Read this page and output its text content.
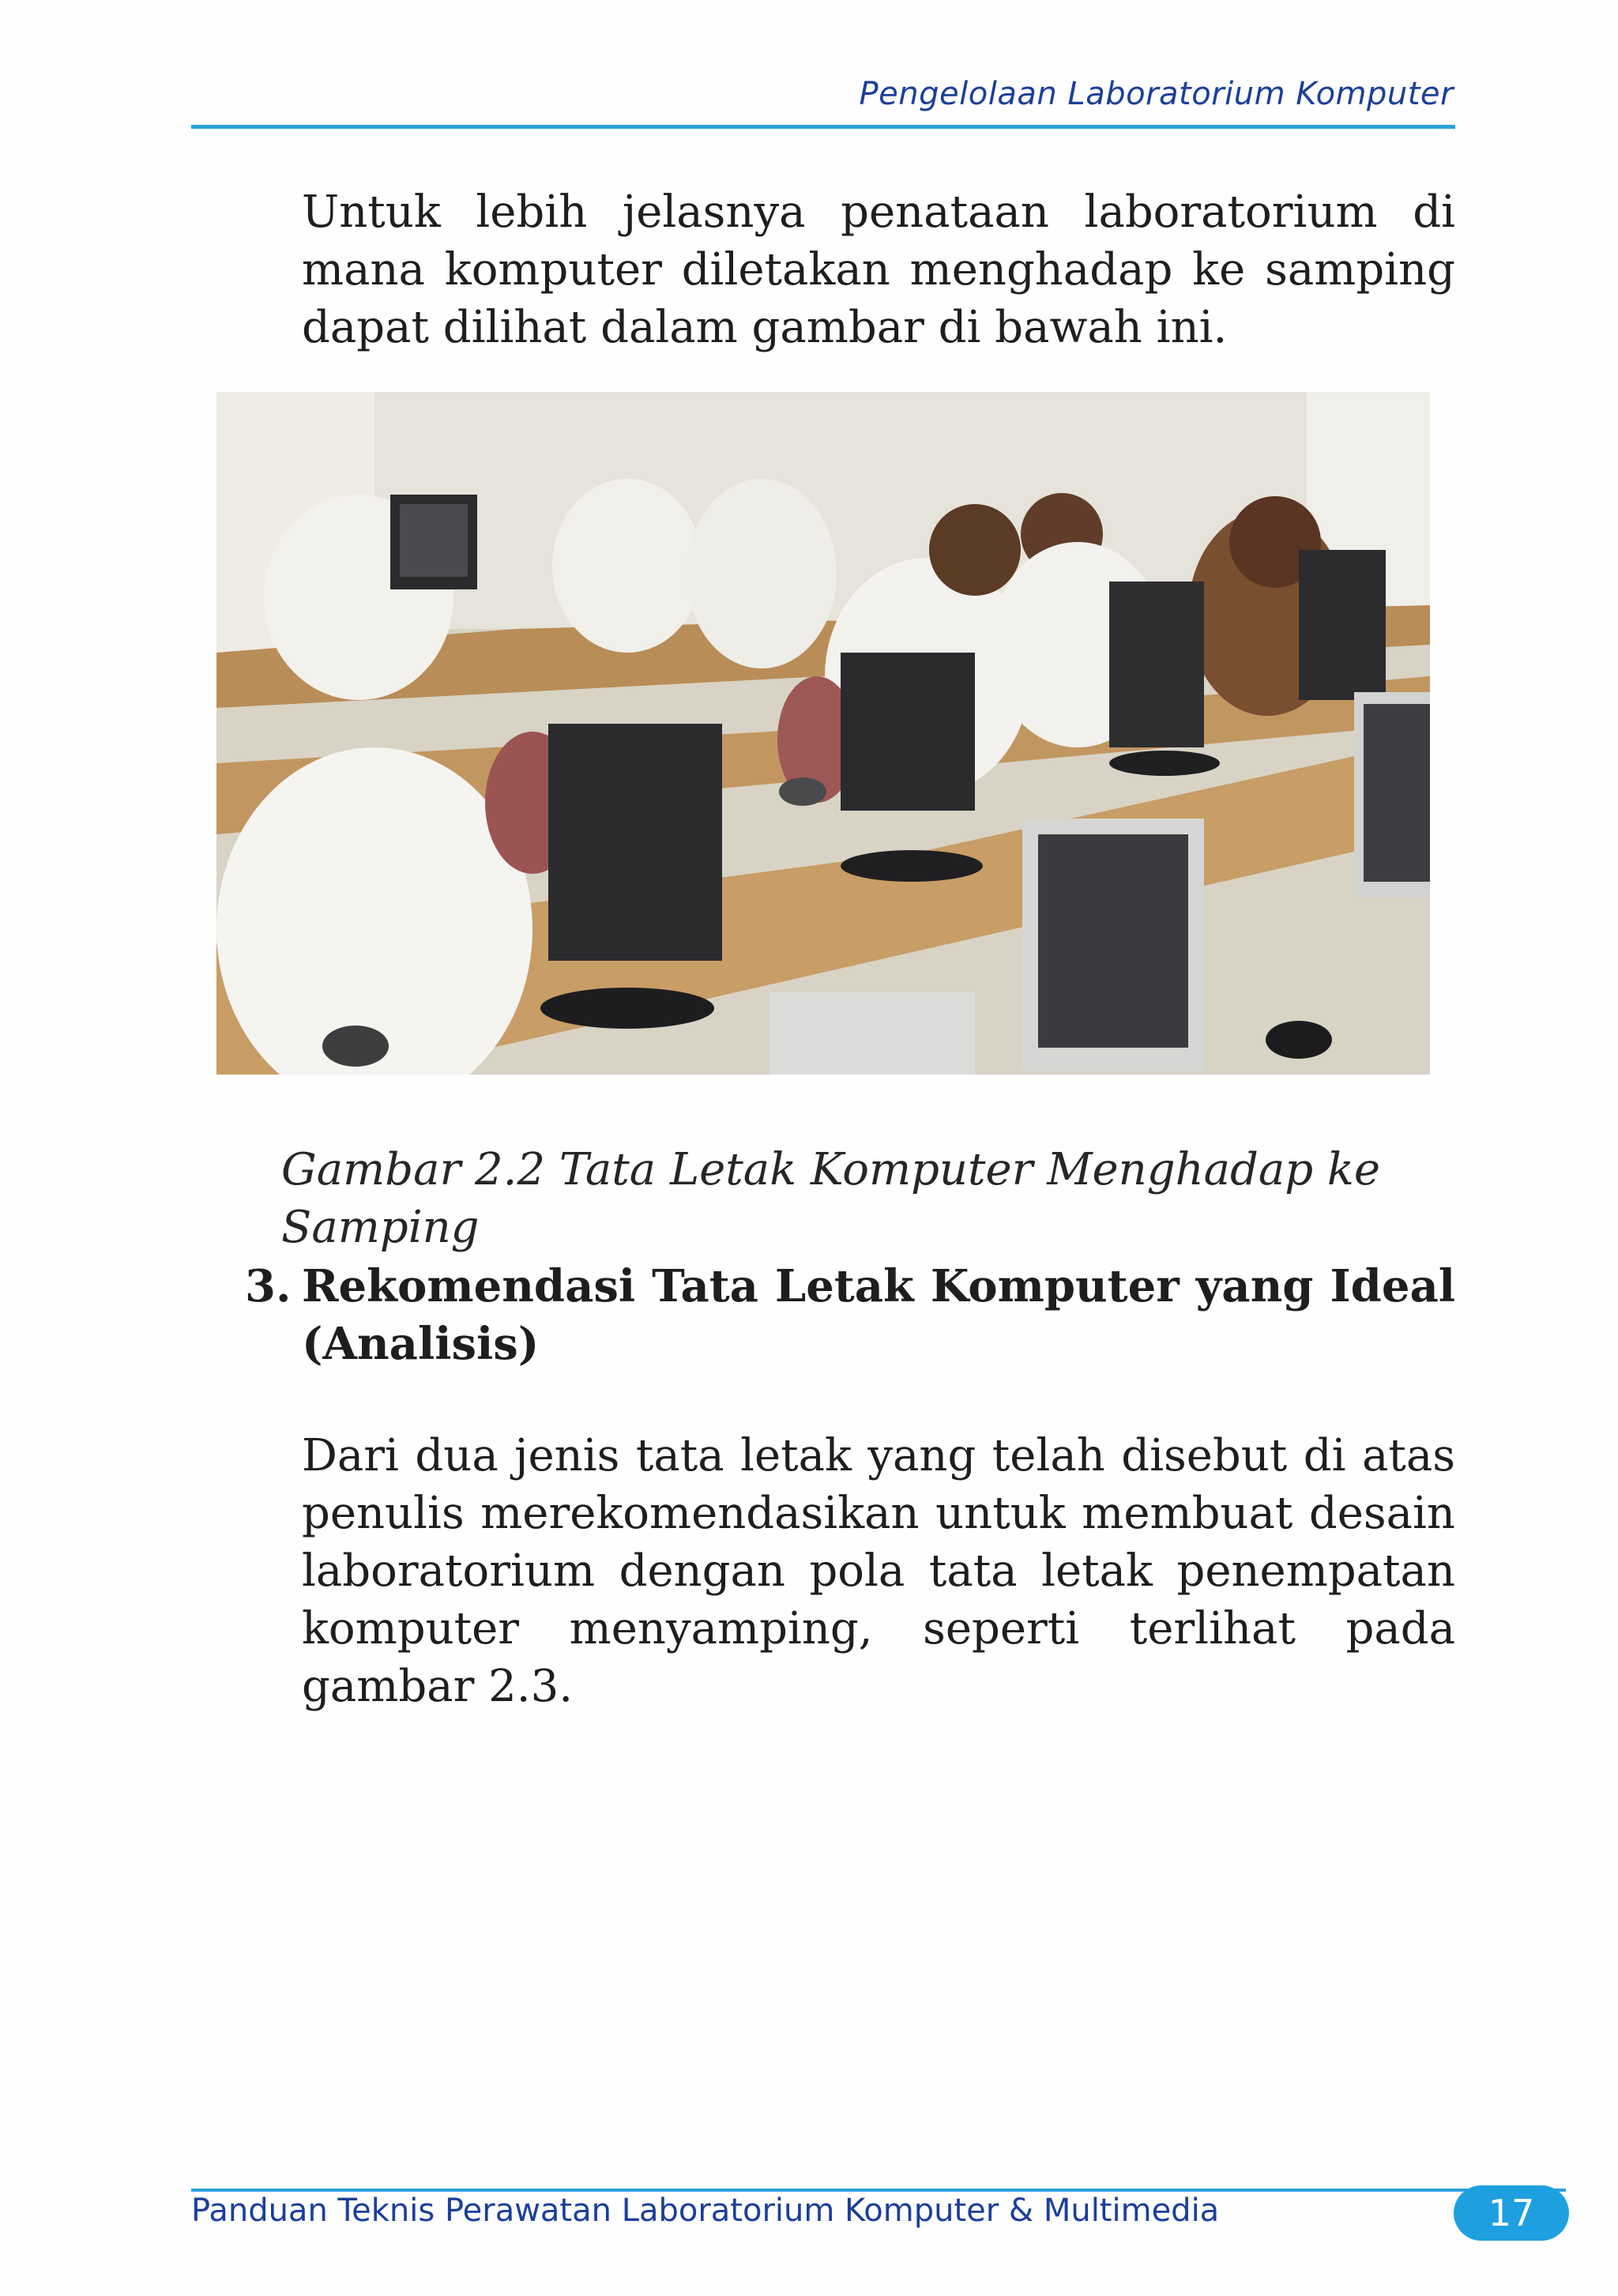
Pengelolaan Laboratorium Komputer

Untuk lebih jelasnya penataan laboratorium di mana komputer diletakan menghadap ke samping dapat dilihat dalam gambar di bawah ini.

Gambar 2.2 Tata Letak Komputer Menghadap ke Samping

3. Rekomendasi Tata Letak Komputer yang Ideal (Analisis)

Dari dua jenis tata letak yang telah disebut di atas penulis merekomendasikan untuk membuat desain laboratorium dengan pola tata letak penempatan komputer menyamping, seperti terlihat pada gambar 2.3.

Panduan Teknis Perawatan Laboratorium Komputer & Multimedia	17
